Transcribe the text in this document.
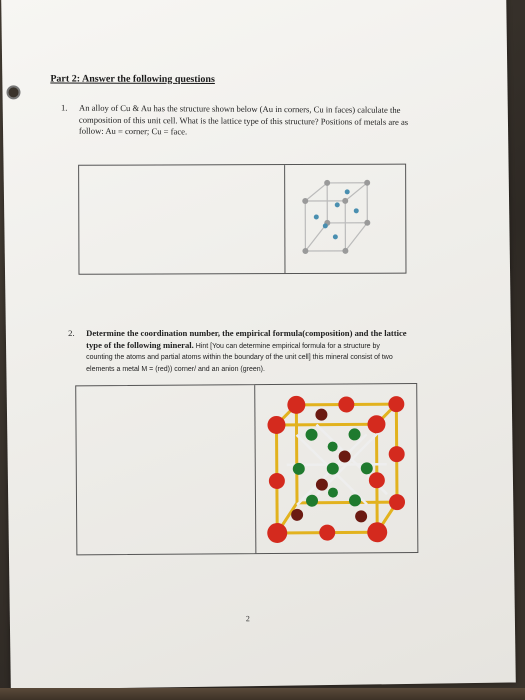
Part 2: Answer the following questions
1. An alloy of Cu & Au has the structure shown below (Au in corners, Cu in faces) calculate the
composition of this unit cell. What is the lattice type of this structure? Positions of metals are as
follow: Au = corner; Cu = face.
2. Determine the coordination number, the empirical formula(composition) and the lattice
type of the following mineral. Hint [You can determine empirical formula for a structure by
counting the atoms and partial atoms within the boundary of the unit cell] this mineral consist of two
elements a metal M = (red)) corner/ and an anion (green).
2
